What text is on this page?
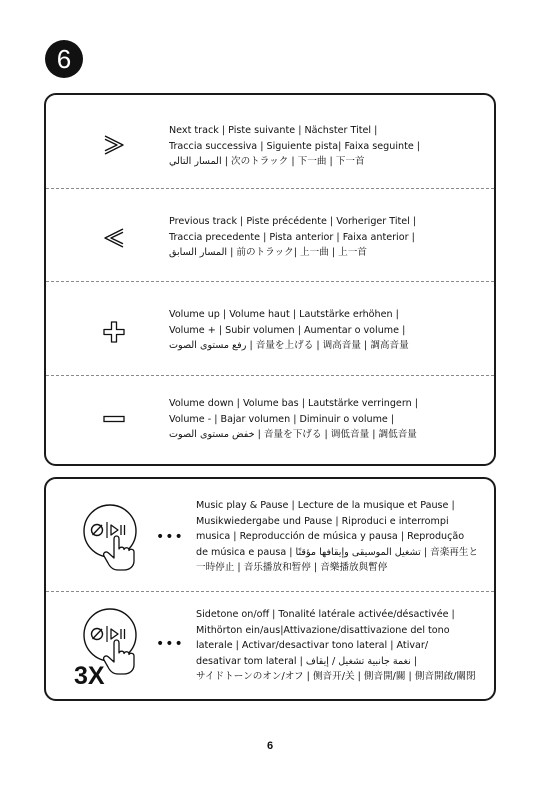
6
Next track | Piste suivante | Nächster Titel |
Traccia successiva | Siguiente pista| Faixa seguinte |
المسار التالي | 次のトラック | 下一曲 | 下一首
Previous track | Piste précédente | Vorheriger Titel |
Traccia precedente | Pista anterior | Faixa anterior |
المسار السابق | 前のトラック| 上一曲 | 上一首
Volume up | Volume haut | Lautstärke erhöhen |
Volume + | Subir volumen | Aumentar o volume |
رفع مستوى الصوت | 音量を上げる | 调高音量 | 調高音量
Volume down | Volume bas | Lautstärke verringern |
Volume - | Bajar volumen | Diminuir o volume |
خفض مستوى الصوت | 音量を下げる | 调低音量 | 調低音量
•••
Music play & Pause | Lecture de la musique et Pause |
Musikwiedergabe und Pause | Riproduci e interrompi
musica | Reproducción de música y pausa | Reprodução
de música e pausa | تشغيل الموسيقى وإيقافها مؤقتًا | 音楽再生と
一時停止 | 音乐播放和暂停 | 音樂播放與暫停
3X
•••
Sidetone on/off | Tonalité latérale activée/désactivée |
Mithörton ein/aus|Attivazione/disattivazione del tono
laterale | Activar/desactivar tono lateral | Ativar/
desativar tom lateral | نغمة جانبية تشغيل / إيقاف |
サイドトーンのオン/オフ | 侧音开/关 | 側音開/關 | 側音開啟/關閉
6
